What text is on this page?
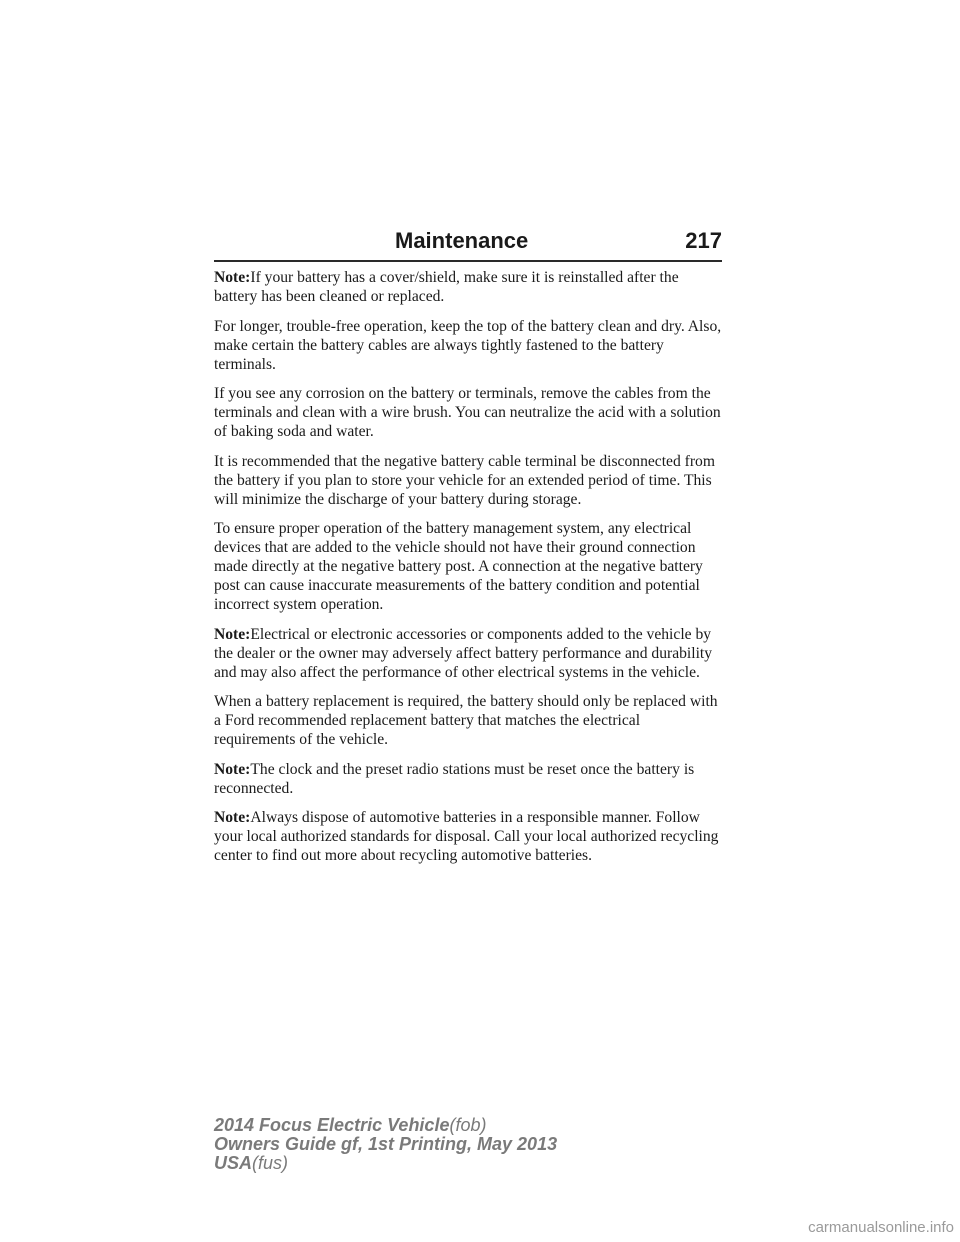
Maintenance	217

Note:If your battery has a cover/shield, make sure it is reinstalled after the battery has been cleaned or replaced.

For longer, trouble-free operation, keep the top of the battery clean and dry. Also, make certain the battery cables are always tightly fastened to the battery terminals.

If you see any corrosion on the battery or terminals, remove the cables from the terminals and clean with a wire brush. You can neutralize the acid with a solution of baking soda and water.

It is recommended that the negative battery cable terminal be disconnected from the battery if you plan to store your vehicle for an extended period of time. This will minimize the discharge of your battery during storage.

To ensure proper operation of the battery management system, any electrical devices that are added to the vehicle should not have their ground connection made directly at the negative battery post. A connection at the negative battery post can cause inaccurate measurements of the battery condition and potential incorrect system operation.

Note:Electrical or electronic accessories or components added to the vehicle by the dealer or the owner may adversely affect battery performance and durability and may also affect the performance of other electrical systems in the vehicle.

When a battery replacement is required, the battery should only be replaced with a Ford recommended replacement battery that matches the electrical requirements of the vehicle.

Note:The clock and the preset radio stations must be reset once the battery is reconnected.

Note:Always dispose of automotive batteries in a responsible manner. Follow your local authorized standards for disposal. Call your local authorized recycling center to find out more about recycling automotive batteries.

2014 Focus Electric Vehicle(fob)
Owners Guide gf, 1st Printing, May 2013
USA(fus)
carmanualsonline.info
